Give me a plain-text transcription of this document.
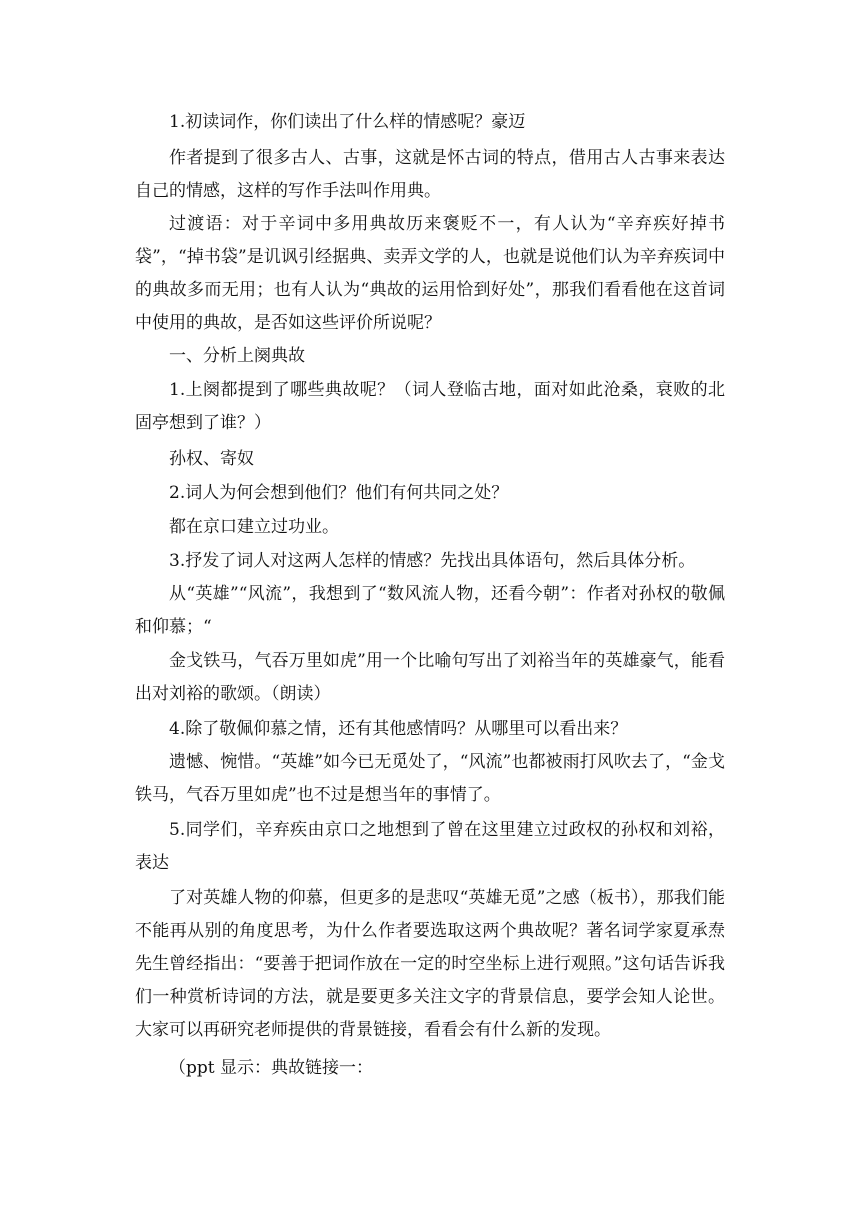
1.初读词作，你们读出了什么样的情感呢？豪迈

作者提到了很多古人、古事，这就是怀古词的特点，借用古人古事来表达自己的情感，这样的写作手法叫作用典。

过渡语：对于辛词中多用典故历来褒贬不一，有人认为“辛弃疾好掉书袋”，“掉书袋”是讥讽引经据典、卖弄文学的人，也就是说他们认为辛弃疾词中的典故多而无用；也有人认为“典故的运用恰到好处”，那我们看看他在这首词中使用的典故，是否如这些评价所说呢？

一、分析上阕典故

1.上阕都提到了哪些典故呢？（词人登临古地，面对如此沧桑，衰败的北固亭想到了谁？）

孙权、寄奴

2.词人为何会想到他们？他们有何共同之处？

都在京口建立过功业。

3.抒发了词人对这两人怎样的情感？先找出具体语句，然后具体分析。

从“英雄”“风流”，我想到了“数风流人物，还看今朝”：作者对孙权的敬佩和仰慕；“

金戈铁马，气吞万里如虎”用一个比喻句写出了刘裕当年的英雄豪气，能看出对刘裕的歌颂。（朗读）

4.除了敬佩仰慕之情，还有其他感情吗？从哪里可以看出来？

遗憾、惋惜。“英雄”如今已无觅处了，“风流”也都被雨打风吹去了，“金戈铁马，气吞万里如虎”也不过是想当年的事情了。

5.同学们，辛弃疾由京口之地想到了曾在这里建立过政权的孙权和刘裕，表达

了对英雄人物的仰慕，但更多的是悲叹“英雄无觅”之感（板书），那我们能不能再从别的角度思考，为什么作者要选取这两个典故呢？著名词学家夏承焘先生曾经指出：“要善于把词作放在一定的时空坐标上进行观照。”这句话告诉我们一种赏析诗词的方法，就是要更多关注文字的背景信息，要学会知人论世。大家可以再研究老师提供的背景链接，看看会有什么新的发现。

（ppt 显示：典故链接一：
